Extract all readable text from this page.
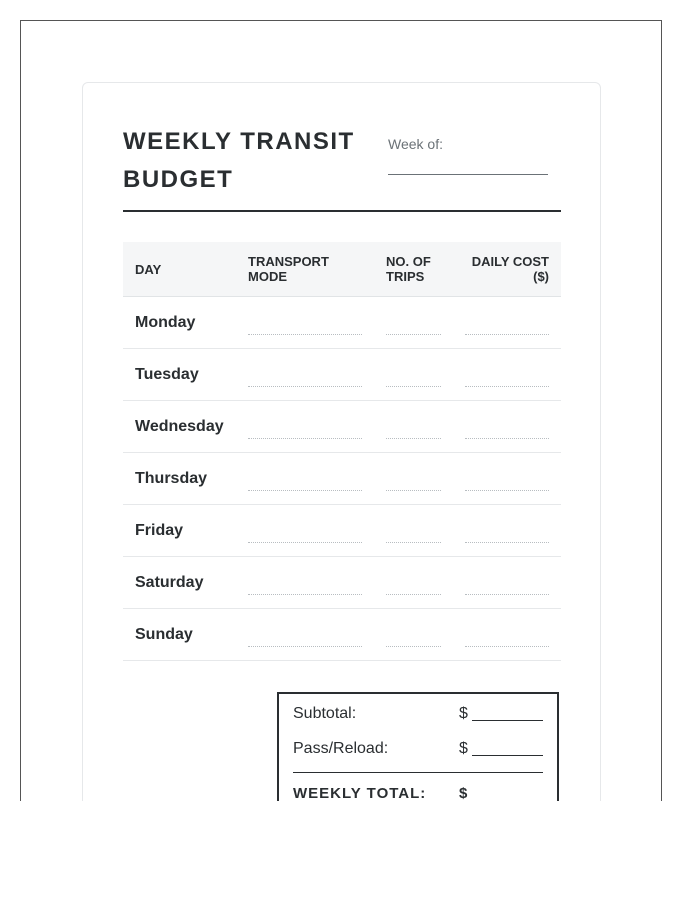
WEEKLY TRANSIT
BUDGET
Week of:
DAY	TRANSPORT MODE	NO. OF TRIPS	DAILY COST ($)
Monday	

Tuesday	

Wednesday	

Thursday	

Friday	

Saturday	

Sunday	

Subtotal:	$
Pass/Reload:	$
WEEKLY TOTAL: $
